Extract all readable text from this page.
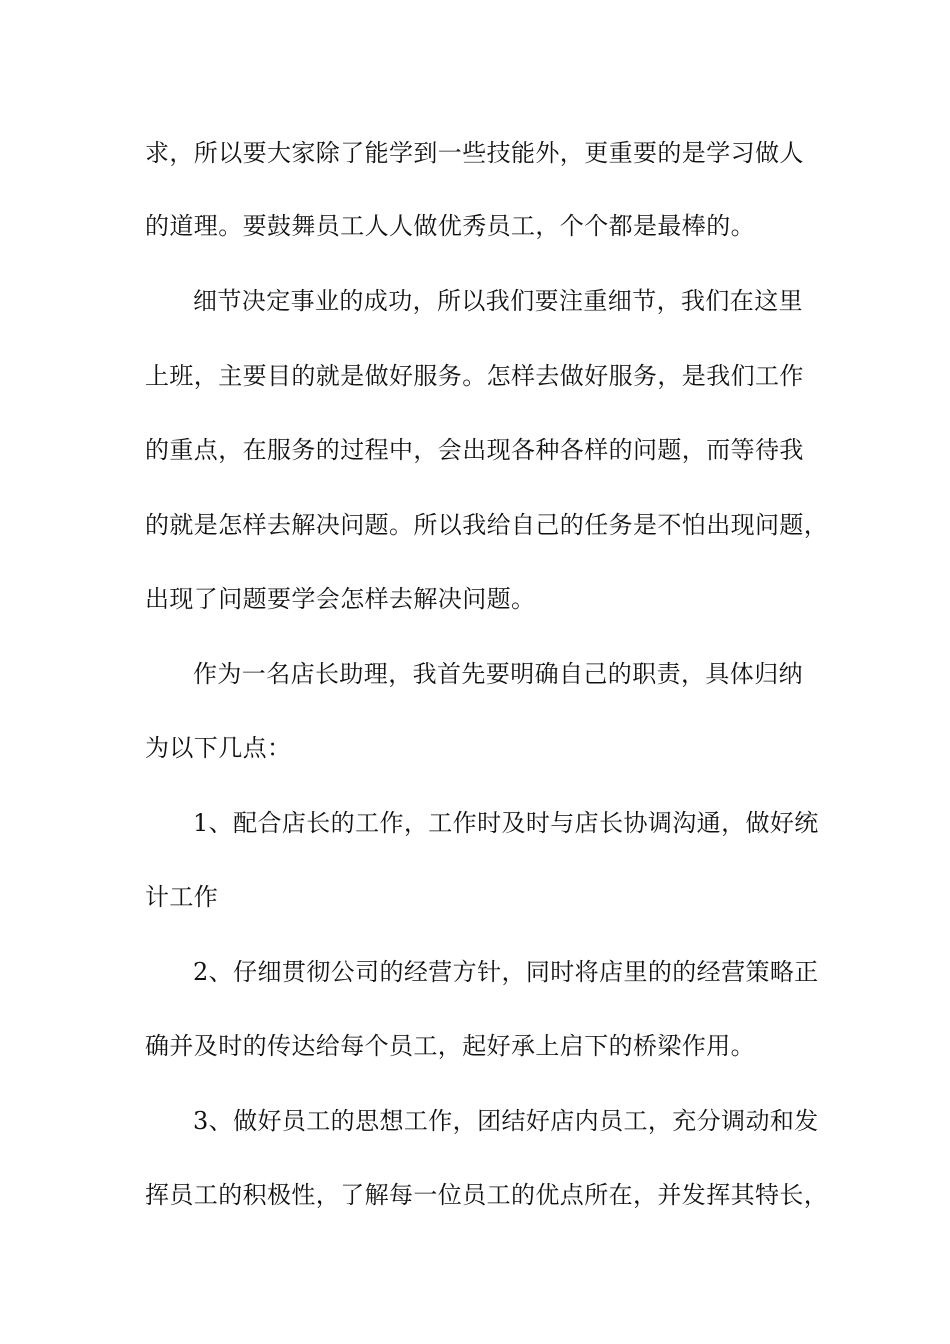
求，所以要大家除了能学到一些技能外，更重要的是学习做人
的道理。要鼓舞员工人人做优秀员工，个个都是最棒的。
细节决定事业的成功，所以我们要注重细节，我们在这里
上班，主要目的就是做好服务。怎样去做好服务，是我们工作
的重点，在服务的过程中，会出现各种各样的问题，而等待我
的就是怎样去解决问题。所以我给自己的任务是不怕出现问题，
出现了问题要学会怎样去解决问题。
作为一名店长助理，我首先要明确自己的职责，具体归纳
为以下几点：
1、配合店长的工作，工作时及时与店长协调沟通，做好统
计工作
2、仔细贯彻公司的经营方针，同时将店里的的经营策略正
确并及时的传达给每个员工，起好承上启下的桥梁作用。
3、做好员工的思想工作，团结好店内员工，充分调动和发
挥员工的积极性，了解每一位员工的优点所在，并发挥其特长，
